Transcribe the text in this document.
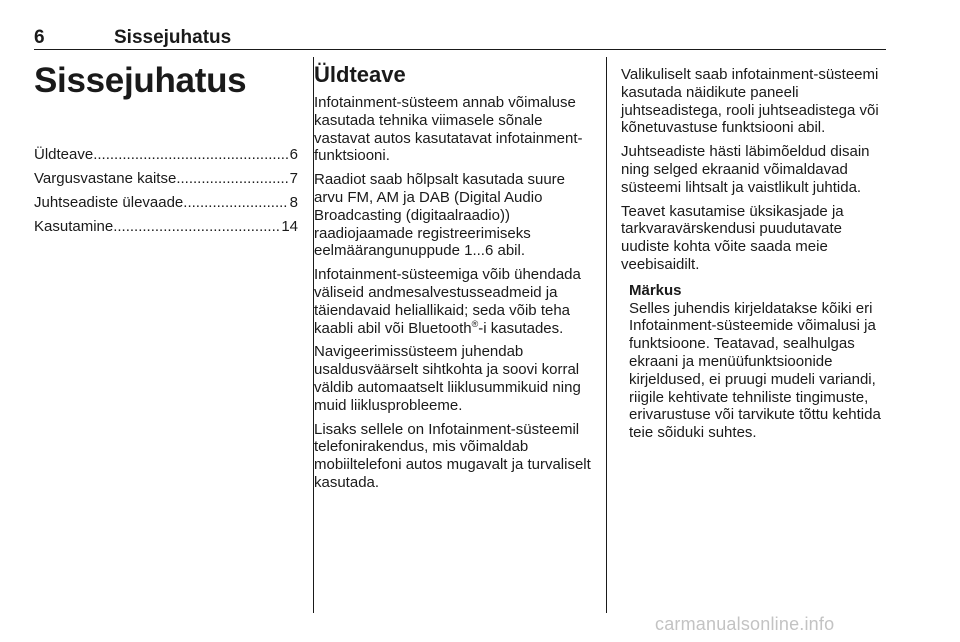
6	Sissejuhatus
Sissejuhatus
Üldteave .....	6
Vargusvastane kaitse .....	7
Juhtseadiste ülevaade .....	8
Kasutamine .....	14
Üldteave

Infotainment-süsteem annab võimaluse kasutada tehnika viimasele sõnale vastavat autos kasutatavat infotainment-funktsiooni.

Raadiot saab hõlpsalt kasutada suure arvu FM, AM ja DAB (Digital Audio Broadcasting (digitaalraadio)) raadiojaamade registreerimiseks eelmäärangunuppude 1...6 abil.

Infotainment-süsteemiga võib ühendada väliseid andmesalvestusseadmeid ja täiendavaid heliallikaid; seda võib teha kaabli abil või Bluetooth®-i kasutades.

Navigeerimissüsteem juhendab usaldusväärselt sihtkohta ja soovi korral väldib automaatselt liiklusummikuid ning muid liiklusprobleeme.

Lisaks sellele on Infotainment-süsteemil telefonirakendus, mis võimaldab mobiiltelefoni autos mugavalt ja turvaliselt kasutada.

Valikuliselt saab infotainment-süsteemi kasutada näidikute paneeli juhtseadistega, rooli juhtseadistega või kõnetuvastuse funktsiooni abil.

Juhtseadiste hästi läbimõeldud disain ning selged ekraanid võimaldavad süsteemi lihtsalt ja vaistlikult juhtida.

Teavet kasutamise üksikasjade ja tarkvaravärskendusi puudutavate uudiste kohta võite saada meie veebisaidilt.

Märkus

Selles juhendis kirjeldatakse kõiki eri Infotainment-süsteemide võimalusi ja funktsioone. Teatavad, sealhulgas ekraani ja menüüfunktsioonide kirjeldused, ei pruugi mudeli variandi, riigile kehtivate tehniliste tingimuste, erivarustuse või tarvikute tõttu kehtida teie sõiduki suhtes.

carmanualsonline.info
